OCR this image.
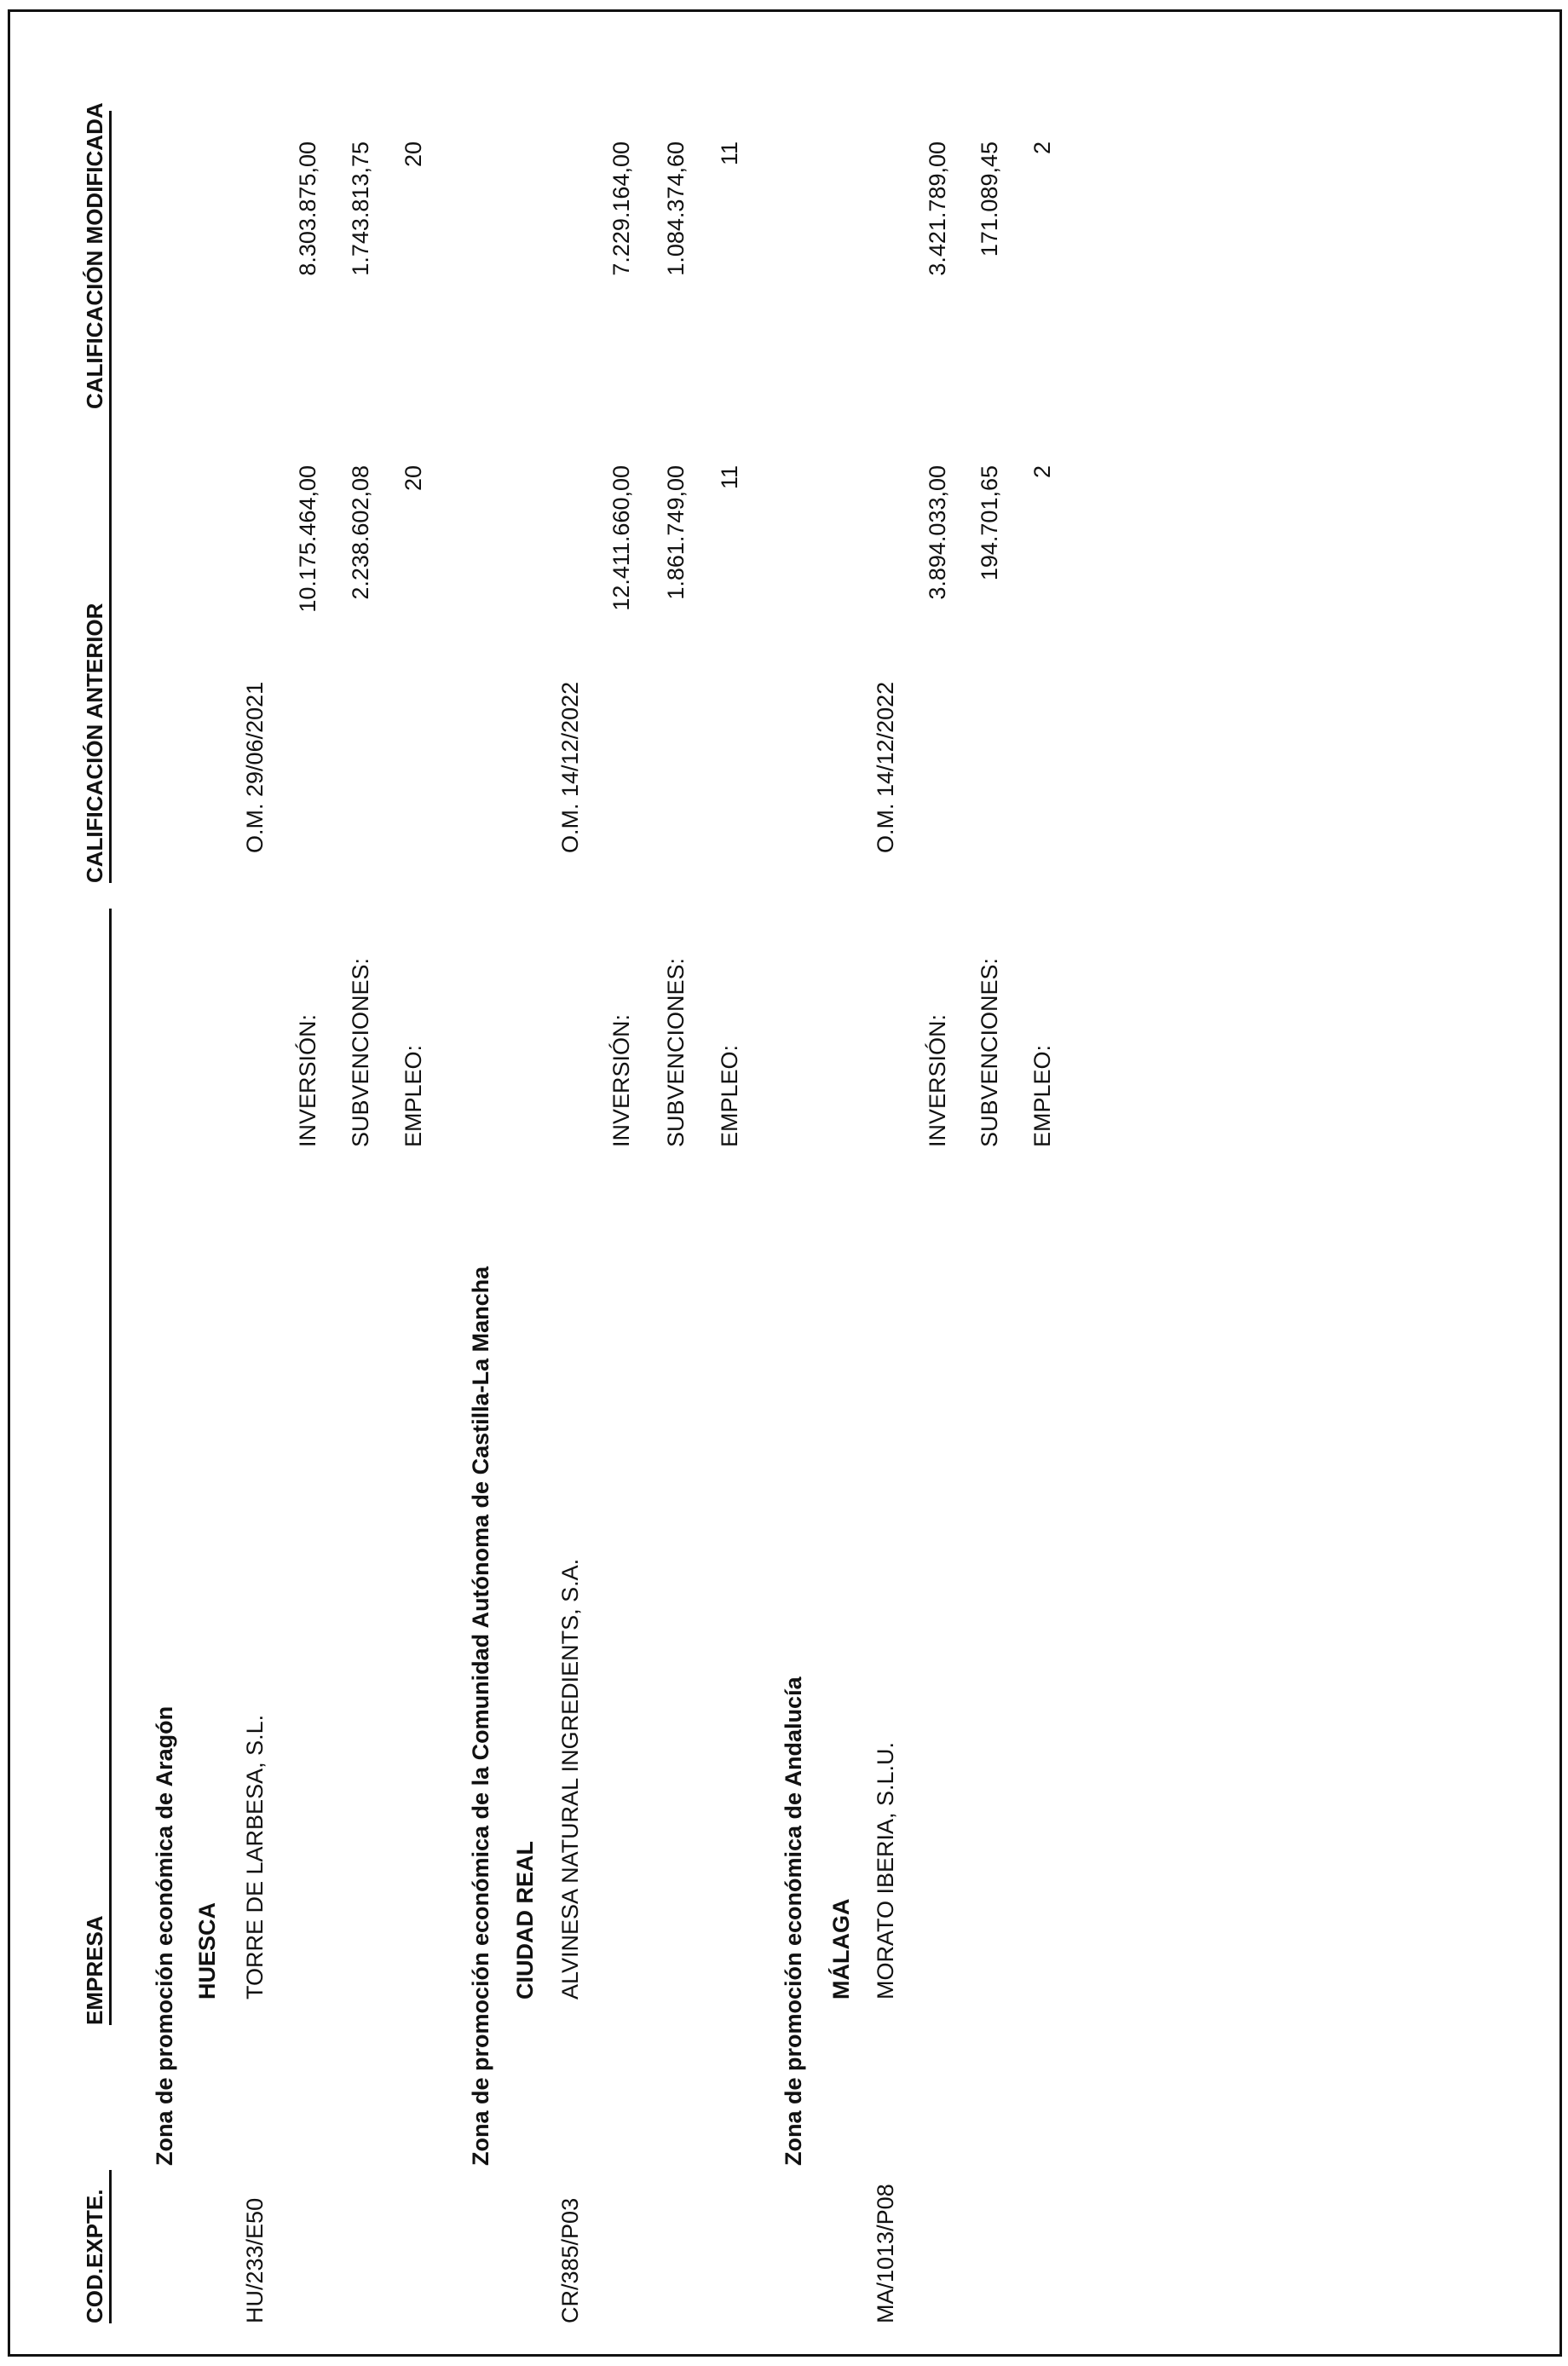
COD.EXPTE.
EMPRESA
CALIFICACIÓN ANTERIOR
CALIFICACIÓN MODIFICADA
Zona de promoción económica de Aragón HUESCA
HU/233/E50
TORRE DE LARBESA, S.L.
O.M. 29/06/2021
INVERSIÓN:
10.175.464,00
8.303.875,00
SUBVENCIONES:
2.238.602,08
1.743.813,75
EMPLEO:
20
20
Zona de promoción económica de la Comunidad Autónoma de Castilla-La Mancha CIUDAD REAL
CR/385/P03
ALVINESA NATURAL INGREDIENTS, S.A.
O.M. 14/12/2022
INVERSIÓN:
12.411.660,00
7.229.164,00
SUBVENCIONES:
1.861.749,00
1.084.374,60
EMPLEO:
11
11
Zona de promoción económica de Andalucía MÁLAGA
MA/1013/P08
MORATO IBERIA, S.L.U.
O.M. 14/12/2022
INVERSIÓN:
3.894.033,00
3.421.789,00
SUBVENCIONES:
194.701,65
171.089,45
EMPLEO:
2
2
